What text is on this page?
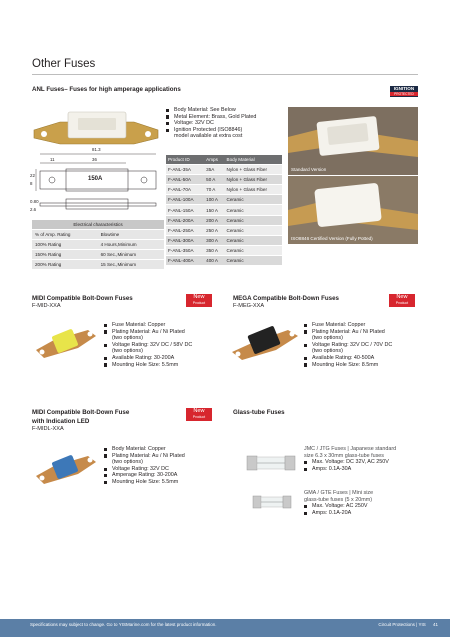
Other Fuses
ANL Fuses– Fuses for high amperage applications	IGNITION
PROTECTED
81.3
11	36
22
8
0.80
2.6
150A
Electrical characteristics	
% of Amp. Rating	Blowtime
100% Rating	4 Hours,Minimum
150% Rating	60 Sec.,Minimum
200% Rating	15 Sec.,Minimum
Body Material: See Below
Metal Element: Brass, Gold Plated
Voltage: 32V DC
Ignition Protected (ISO8846)
model available at extra cost
Product ID	Amps	Body Material
F-ANL-35A	35A	Nylon + Glass Fiber
F-ANL-50A	50 A	Nylon + Glass Fiber
F-ANL-70A	70 A	Nylon + Glass Fiber
F-ANL-100A	100 A	Ceramic
F-ANL-150A	150 A	Ceramic
F-ANL-200A	200 A	Ceramic
F-ANL-250A	250 A	Ceramic
F-ANL-300A	300 A	Ceramic
F-ANL-350A	350 A	Ceramic
F-ANL-400A	400 A	Ceramic
Standard Version
ISO8846 Certified Version (Fully Potted)
MIDI Compatible Bolt-Down Fuses
F-MID-XXA
New
Product
Fuse Material: Copper
Plating Material: Au / Ni Plated
(two options)
Voltage Rating: 32V DC / 58V DC
(two options)
Available Rating: 30-200A
Mounting Hole Size: 5.5mm
MEGA Compatible Bolt-Down Fuses
F-MEG-XXA
New
Product
Fuse Material: Copper
Plating Material: Au / Ni Plated
(two options)
Voltage Rating: 32V DC / 70V DC
(two options)
Available Rating: 40-500A
Mounting Hole Size: 8.5mm
MIDI Compatible Bolt-Down Fuse
with Indication LED
F-MIDL-XXA
New
Product
Body Material: Copper
Plating Material: Au / Ni Plated
(two options)
Voltage Rating: 32V DC
Amperage Rating: 30-200A
Mounting Hole Size: 5.5mm
Glass-tube Fuses
JMC / JTG Fuses | Japanese standard
size 6.3 x 30mm glass-tube fuses
Max. Voltage: DC 32V, AC 250V
Amps: 0.1A-30A
GMA / GTE Fuses | Mini size
glass-tube fuses (5 x 20mm)
Max. Voltage: AC 250V
Amps: 0.1A-20A
Specifications may subject to change. Go to YISMarine.com for the latest product information.	Circuit Protections | YIS 41
